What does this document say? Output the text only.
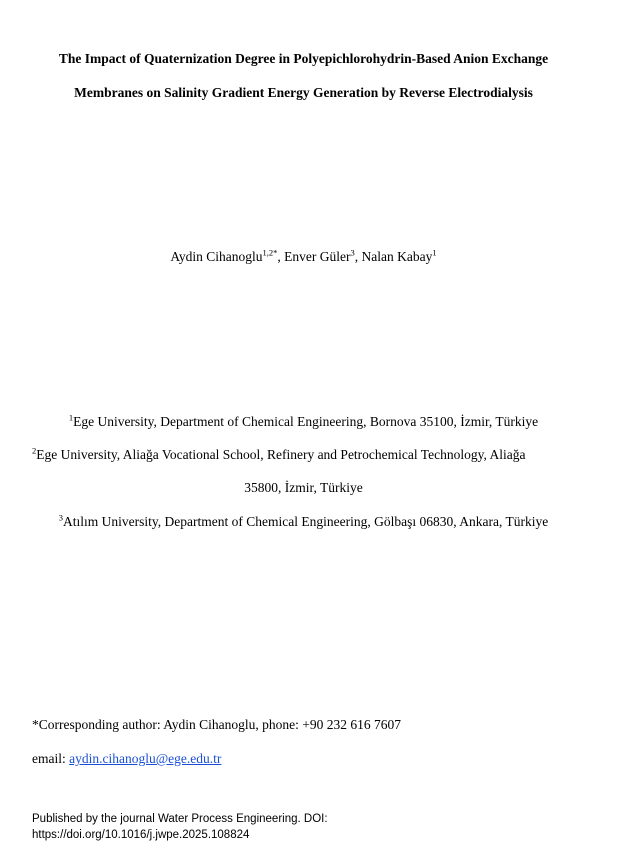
The Impact of Quaternization Degree in Polyepichlorohydrin-Based Anion Exchange
Membranes on Salinity Gradient Energy Generation by Reverse Electrodialysis
Aydin Cihanoglu$^{1,2*}$, Enver Güler$^3$, Nalan Kabay$^1$
$^1$Ege University, Department of Chemical Engineering, Bornova 35100, İzmir, Türkiye
$^2$Ege University, Aliağa Vocational School, Refinery and Petrochemical Technology, Aliağa
35800, İzmir, Türkiye
$^3$Atılım University, Department of Chemical Engineering, Gölbaşı 06830, Ankara, Türkiye
*Corresponding author: Aydin Cihanoglu, phone: +90 232 616 7607
email: aydin.cihanoglu@ege.edu.tr
Published by the journal Water Process Engineering. DOI:
https://doi.org/10.1016/j.jwpe.2025.108824
